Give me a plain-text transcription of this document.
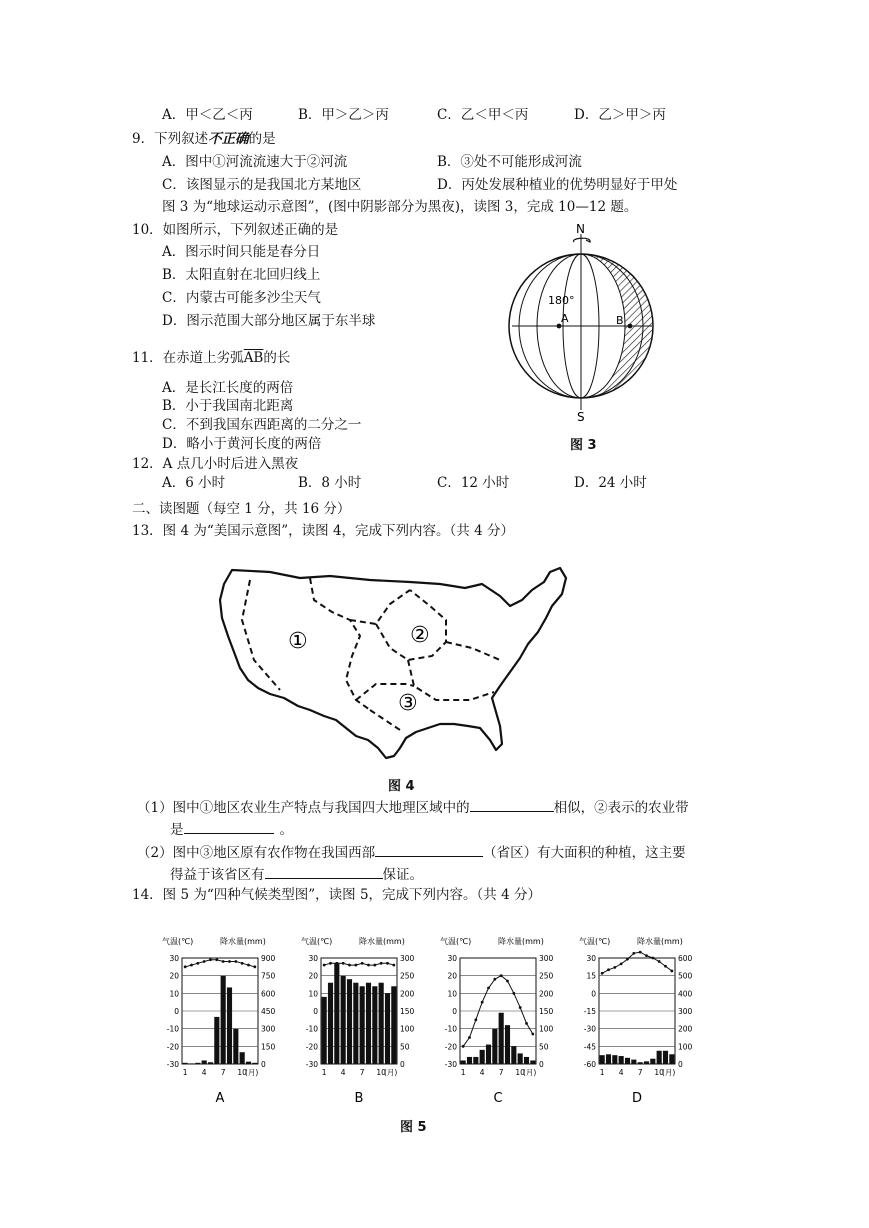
A．甲＜乙＜丙	B．甲＞乙＞丙	C．乙＜甲＜丙	D．乙＞甲＞丙
9．下列叙述不正确的是
A．图中①河流流速大于②河流	B．③处不可能形成河流
C．该图显示的是我国北方某地区	D．丙处发展种植业的优势明显好于甲处
图 3 为“地球运动示意图”，(图中阴影部分为黑夜)，读图 3，完成 10—12 题。
10．如图所示，下列叙述正确的是
A．图示时间只能是春分日
B．太阳直射在北回归线上
C．内蒙古可能多沙尘天气
D．图示范围大部分地区属于东半球
11．在赤道上劣弧$\overline{AB}$的长
A．是长江长度的两倍
B．小于我国南北距离
C．不到我国东西距离的二分之一
D．略小于黄河长度的两倍
12．A 点几小时后进入黑夜
A．6 小时	B．8 小时	C．12 小时	D．24 小时
N
S
180°
A	B
图 3
二、读图题（每空 1 分，共 16 分）
13．图 4 为“美国示意图”，读图 4，完成下列内容。（共 4 分）
①	②
③
图 4
（1）图中①地区农业生产特点与我国四大地理区域中的	相似，②表示的农业带
是	。
（2）图中③地区原有农作物在我国西部	（省区）有大面积的种植，这主要
得益于该省区有	保证。
14．图 5 为“四种气候类型图”，读图 5，完成下列内容。（共 4 分）
气温(℃)	降水量(mm)
30	900
20	750
10	600
0	450
-10	300
-20	150
-30	0
1 4 7 10
(月)
A
气温(℃)	降水量(mm)
30	300
20	250
10	200
0	150
-10	100
-20	50
-30	0
1 4 7 10
(月)
B
气温(℃)	降水量(mm)
30	300
20	250
10	200
0	150
-10	100
-20	50
-30	0
1 4 7 10
(月)
C
气温(℃)	降水量(mm)
30	600
15	500
0	400
-15	300
-30	200
-45	100
-60	0
1 4 7 10
(月)
D
图 5
